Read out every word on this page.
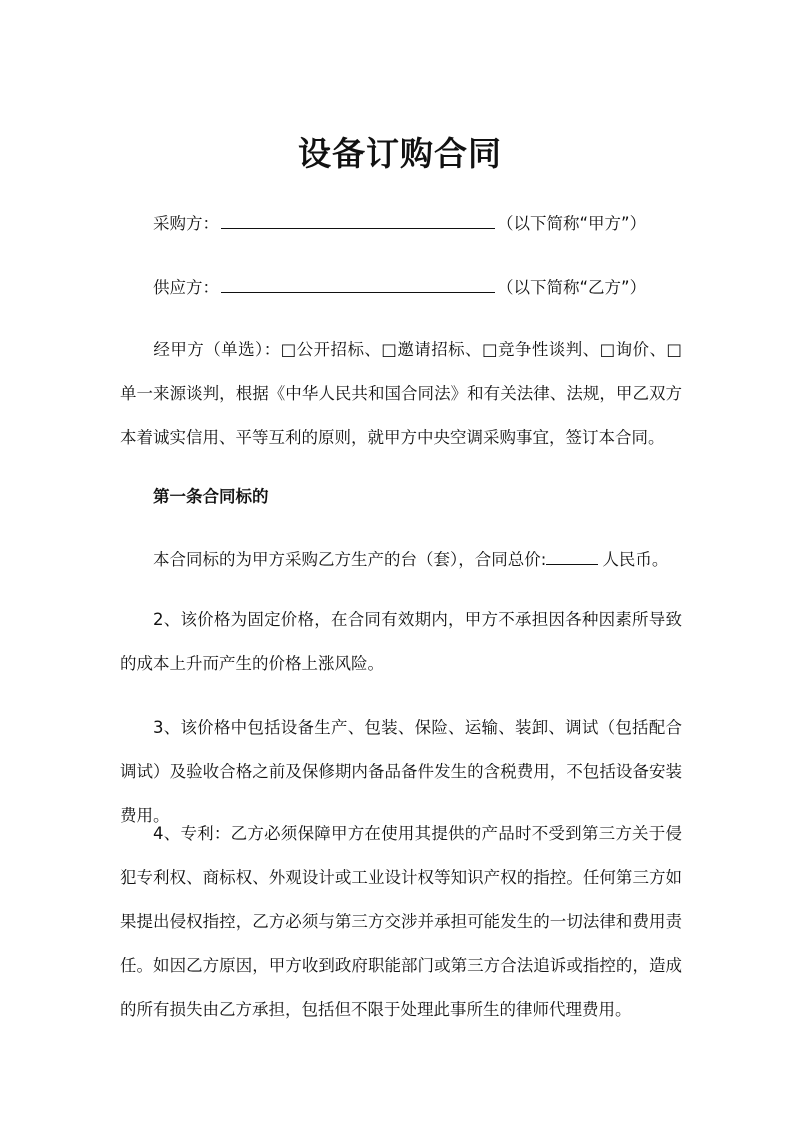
设备订购合同
采购方：	（以下简称“甲方”）
供应方：	（以下简称“乙方”）
经甲方（单选）：□公开招标、□邀请招标、□竞争性谈判、□询价、□单一来源谈判，根据《中华人民共和国合同法》和有关法律、法规，甲乙双方本着诚实信用、平等互利的原则，就甲方中央空调采购事宜，签订本合同。
第一条合同标的
本合同标的为甲方采购乙方生产的台（套），合同总价:	人民币。
2、该价格为固定价格，在合同有效期内，甲方不承担因各种因素所导致的成本上升而产生的价格上涨风险。
3、该价格中包括设备生产、包装、保险、运输、装卸、调试（包括配合调试）及验收合格之前及保修期内备品备件发生的含税费用，不包括设备安装费用。
4、专利：乙方必须保障甲方在使用其提供的产品时不受到第三方关于侵犯专利权、商标权、外观设计或工业设计权等知识产权的指控。任何第三方如果提出侵权指控，乙方必须与第三方交涉并承担可能发生的一切法律和费用责任。如因乙方原因，甲方收到政府职能部门或第三方合法追诉或指控的，造成的所有损失由乙方承担，包括但不限于处理此事所生的律师代理费用。
